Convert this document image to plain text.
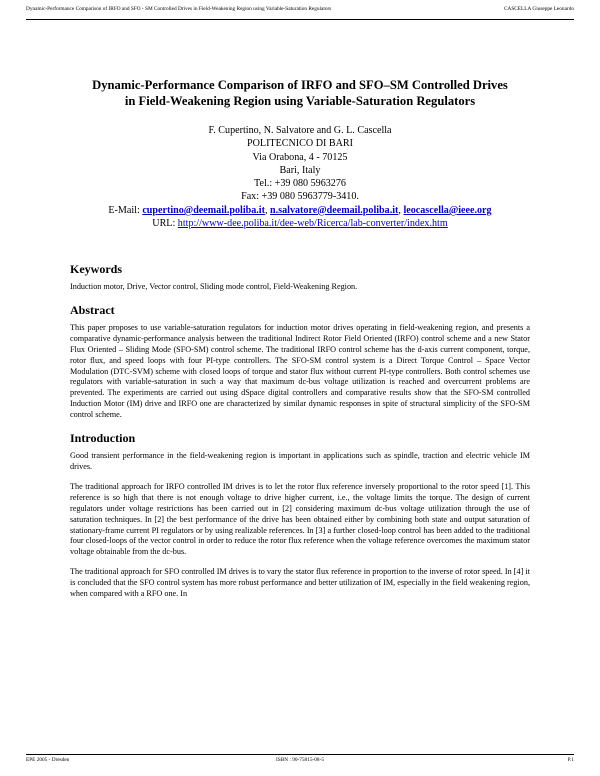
Dynamic-Performance Comparison of IRFO and SFO - SM Controlled Drives in Field-Weakening Region using Variable-Saturation Regulators	CASCELLA Giuseppe Leonardo
Dynamic-Performance Comparison of IRFO and SFO–SM Controlled Drives
in Field-Weakening Region using Variable-Saturation Regulators
F. Cupertino, N. Salvatore and G. L. Cascella
POLITECNICO DI BARI
Via Orabona, 4 - 70125
Bari, Italy
Tel.: +39 080 5963276
Fax: +39 080 5963779-3410.
E-Mail: cupertino@deemail.poliba.it, n.salvatore@deemail.poliba.it, leocascella@ieee.org
URL: http://www-dee.poliba.it/dee-web/Ricerca/lab-converter/index.htm
Keywords

Induction motor, Drive, Vector control, Sliding mode control, Field-Weakening Region.

Abstract

This paper proposes to use variable-saturation regulators for induction motor drives operating in field-weakening region, and presents a comparative dynamic-performance analysis between the traditional Indirect Rotor Field Oriented (IRFO) control scheme and a new Stator Flux Oriented – Sliding Mode (SFO-SM) control scheme. The traditional IRFO control scheme has the d-axis current component, torque, rotor flux, and speed loops with four PI-type controllers. The SFO-SM control system is a Direct Torque Control – Space Vector Modulation (DTC-SVM) scheme with closed loops of torque and stator flux without current PI-type controllers. Both control schemes use regulators with variable-saturation in such a way that maximum dc-bus voltage utilization is reached and overcurrent problems are prevented. The experiments are carried out using dSpace digital controllers and comparative results show that the SFO-SM controlled Induction Motor (IM) drive and IRFO one are characterized by similar dynamic responses in spite of structural simplicity of the SFO-SM control scheme.

Introduction

Good transient performance in the field-weakening region is important in applications such as spindle, traction and electric vehicle IM drives.

The traditional approach for IRFO controlled IM drives is to let the rotor flux reference inversely proportional to the rotor speed [1]. This reference is so high that there is not enough voltage to drive higher current, i.e., the voltage limits the torque. The design of current regulators under voltage restrictions has been carried out in [2] considering maximum dc-bus voltage utilization through the use of saturation techniques. In [2] the best performance of the drive has been obtained either by combining both state and output saturation of stationary-frame current PI regulators or by using realizable references. In [3] a further closed-loop control has been added to the traditional four closed-loops of the vector control in order to reduce the rotor flux reference when the voltage reference overcomes the maximum stator voltage obtainable from the dc-bus.

The traditional approach for SFO controlled IM drives is to vary the stator flux reference in proportion to the inverse of rotor speed. In [4] it is concluded that the SFO control system has more robust performance and better utilization of IM, especially in the field weakening region, when compared with a RFO one. In

EPE 2005 - Dresden	ISBN : 90-75815-08-5	P.1
